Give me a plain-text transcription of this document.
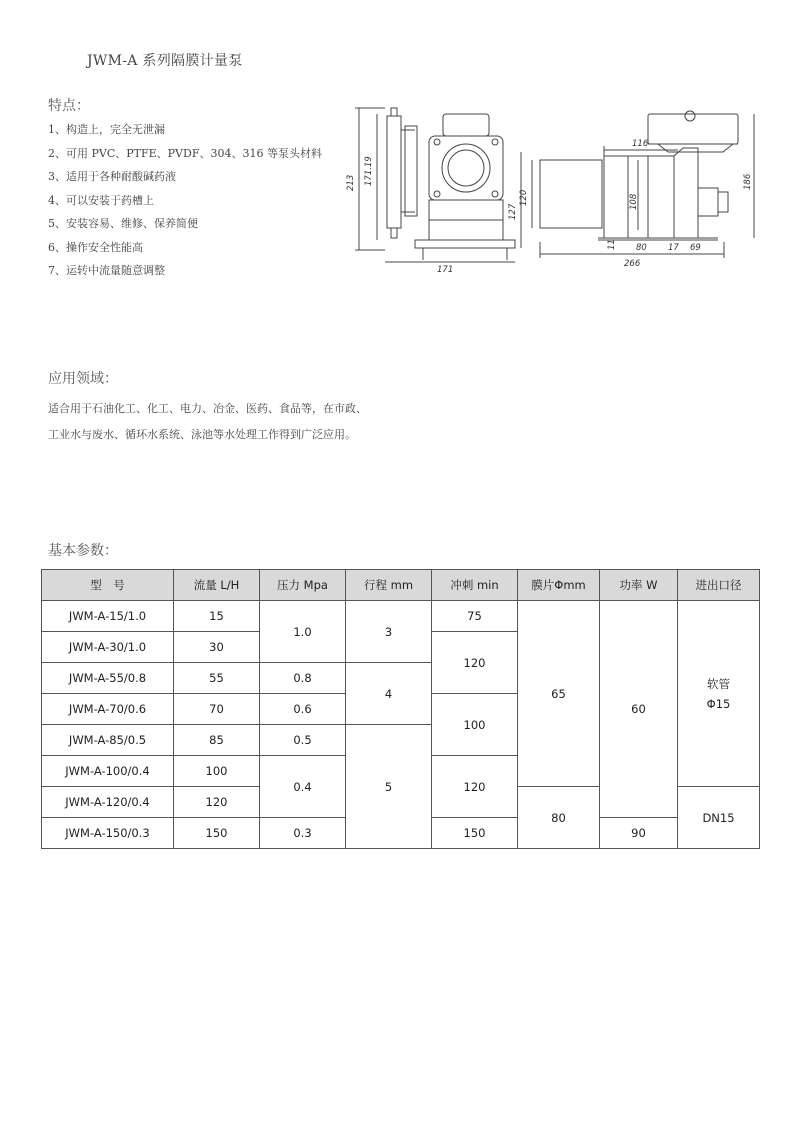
JWM-A 系列隔膜计量泵
特点：
1、构造上，完全无泄漏
2、可用 PVC、PTFE、PVDF、304、316 等泵头材料
3、适用于各种耐酸碱药液
4、可以安装于药槽上
5、安装容易、维修、保养简便
6、操作安全性能高
7、运转中流量随意调整
213 171.19
127
171
116
108
120
186
11 80 17 69
266
应用领域：

适合用于石油化工、化工、电力、冶金、医药、食品等，在市政、

工业水与废水、循环水系统、泳池等水处理工作得到广泛应用。

基本参数：
型　号	流量 L/H	压力 Mpa	行程 mm	冲刺 min	膜片Φmm	功率 W	进出口径
JWM-A-15/1.0	15	1.0	3	75	65	60	软管
Φ15

JWM-A-30/1.0	30			120			
JWM-A-55/0.8	55	0.8	4				
JWM-A-70/0.6	70	0.6		100			
JWM-A-85/0.5	85	0.5	5				
JWM-A-100/0.4	100	0.4		120			
JWM-A-120/0.4	120				80		DN15
JWM-A-150/0.3	150	0.3		150		90	
